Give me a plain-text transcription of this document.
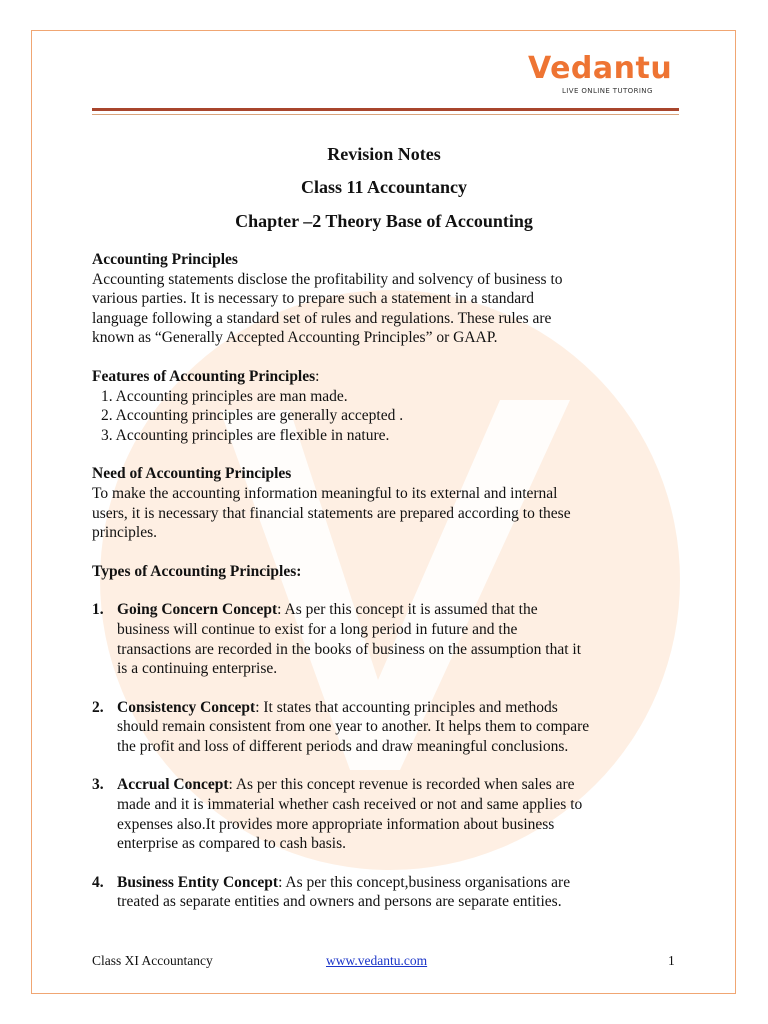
Vedantu
LIVE ONLINE TUTORING
Revision Notes
Class 11 Accountancy
Chapter –2 Theory Base of Accounting
Accounting Principles

Accounting statements disclose the profitability and solvency of business to

various parties. It is necessary to prepare such a statement in a standard

language following a standard set of rules and regulations. These rules are

known as “Generally Accepted Accounting Principles” or GAAP.

Features of Accounting Principles:

1. Accounting principles are man made.

2. Accounting principles are generally accepted .

3. Accounting principles are flexible in nature.

Need of Accounting Principles

To make the accounting information meaningful to its external and internal

users, it is necessary that financial statements are prepared according to these

principles.

Types of Accounting Principles:
1. Going Concern Concept: As per this concept it is assumed that the

business will continue to exist for a long period in future and the

transactions are recorded in the books of business on the assumption that it

is a continuing enterprise.

2. Consistency Concept: It states that accounting principles and methods

should remain consistent from one year to another. It helps them to compare

the profit and loss of different periods and draw meaningful conclusions.

3. Accrual Concept: As per this concept revenue is recorded when sales are

made and it is immaterial whether cash received or not and same applies to

expenses also.It provides more appropriate information about business

enterprise as compared to cash basis.

4. Business Entity Concept: As per this concept,business organisations are

treated as separate entities and owners and persons are separate entities.

Class XI Accountancy	www.vedantu.com	1
